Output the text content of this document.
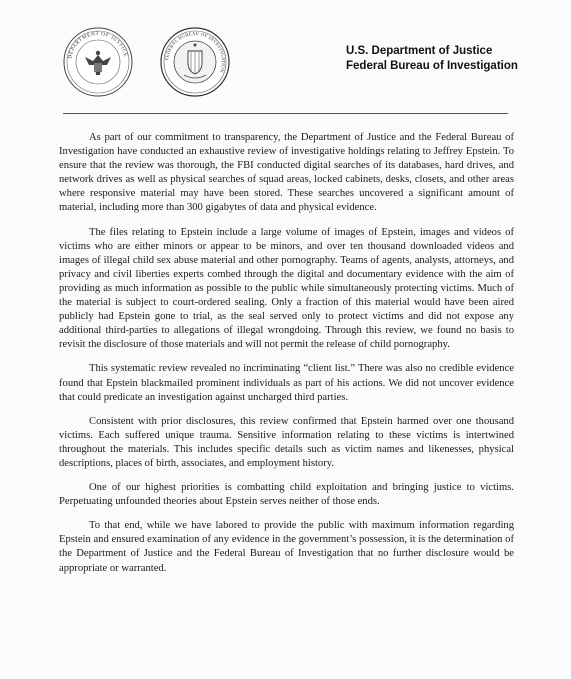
DEPARTMENT OF JUSTICE
FEDERAL BUREAU OF INVESTIGATION
U.S. Department of Justice
Federal Bureau of Investigation

As part of our commitment to transparency, the Department of Justice and the Federal Bureau of Investigation have conducted an exhaustive review of investigative holdings relating to Jeffrey Epstein. To ensure that the review was thorough, the FBI conducted digital searches of its databases, hard drives, and network drives as well as physical searches of squad areas, locked cabinets, desks, closets, and other areas where responsive material may have been stored. These searches uncovered a significant amount of material, including more than 300 gigabytes of data and physical evidence.

The files relating to Epstein include a large volume of images of Epstein, images and videos of victims who are either minors or appear to be minors, and over ten thousand downloaded videos and images of illegal child sex abuse material and other pornography. Teams of agents, analysts, attorneys, and privacy and civil liberties experts combed through the digital and documentary evidence with the aim of providing as much information as possible to the public while simultaneously protecting victims. Much of the material is subject to court-ordered sealing. Only a fraction of this material would have been aired publicly had Epstein gone to trial, as the seal served only to protect victims and did not expose any additional third-parties to allegations of illegal wrongdoing. Through this review, we found no basis to revisit the disclosure of those materials and will not permit the release of child pornography.

This systematic review revealed no incriminating “client list.” There was also no credible evidence found that Epstein blackmailed prominent individuals as part of his actions. We did not uncover evidence that could predicate an investigation against uncharged third parties.

Consistent with prior disclosures, this review confirmed that Epstein harmed over one thousand victims. Each suffered unique trauma. Sensitive information relating to these victims is intertwined throughout the materials. This includes specific details such as victim names and likenesses, physical descriptions, places of birth, associates, and employment history.

One of our highest priorities is combatting child exploitation and bringing justice to victims. Perpetuating unfounded theories about Epstein serves neither of those ends.

To that end, while we have labored to provide the public with maximum information regarding Epstein and ensured examination of any evidence in the government’s possession, it is the determination of the Department of Justice and the Federal Bureau of Investigation that no further disclosure would be appropriate or warranted.
